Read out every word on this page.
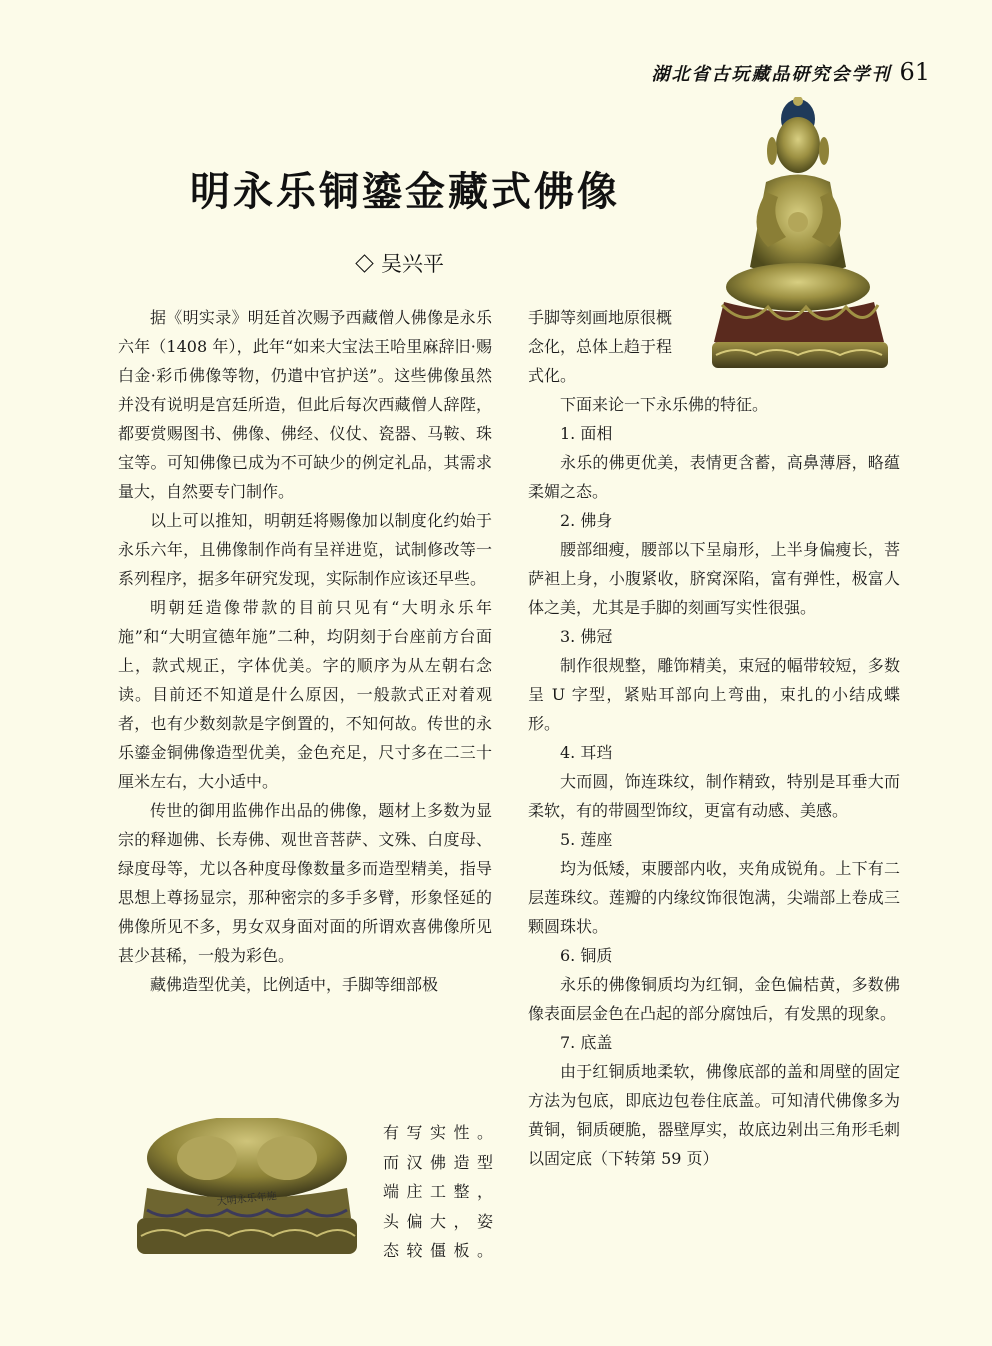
湖北省古玩藏品研究会学刊 61
明永乐铜鎏金藏式佛像
吴兴平

据《明实录》明廷首次赐予西藏僧人佛像是永乐六年（1408 年），此年“如来大宝法王哈里麻辞旧·赐白金·彩币佛像等物，仍遣中官护送”。这些佛像虽然并没有说明是宫廷所造，但此后每次西藏僧人辞陛，都要赏赐图书、佛像、佛经、仪仗、瓷器、马鞍、珠宝等。可知佛像已成为不可缺少的例定礼品，其需求量大，自然要专门制作。

以上可以推知，明朝廷将赐像加以制度化约始于永乐六年，且佛像制作尚有呈祥进览，试制修改等一系列程序，据多年研究发现，实际制作应该还早些。

明朝廷造像带款的目前只见有“大明永乐年施”和“大明宣德年施”二种，均阴刻于台座前方台面上，款式规正，字体优美。字的顺序为从左朝右念读。目前还不知道是什么原因，一般款式正对着观者，也有少数刻款是字倒置的，不知何故。传世的永乐鎏金铜佛像造型优美，金色充足，尺寸多在二三十厘米左右，大小适中。

传世的御用监佛作出品的佛像，题材上多数为显宗的释迦佛、长寿佛、观世音菩萨、文殊、白度母、绿度母等，尤以各种度母像数量多而造型精美，指导思想上尊扬显宗，那种密宗的多手多臂，形象怪延的佛像所见不多，男女双身面对面的所谓欢喜佛像所见甚少甚稀，一般为彩色。

藏佛造型优美，比例适中，手脚等细部极

大明永乐年施
有写实性。
而汉佛造型
端庄工整，
头偏大，姿
态较僵板。
手脚等刻画地原很概
念化，总体上趋于程
式化。

下面来论一下永乐佛的特征。

1. 面相

永乐的佛更优美，表情更含蓄，高鼻薄唇，略蕴柔媚之态。

2. 佛身

腰部细瘦，腰部以下呈扇形，上半身偏瘦长，菩萨袒上身，小腹紧收，脐窝深陷，富有弹性，极富人体之美，尤其是手脚的刻画写实性很强。

3. 佛冠

制作很规整，雕饰精美，束冠的幅带较短，多数呈 U 字型，紧贴耳部向上弯曲，束扎的小结成蝶形。

4. 耳珰

大而圆，饰连珠纹，制作精致，特别是耳垂大而柔软，有的带圆型饰纹，更富有动感、美感。

5. 莲座

均为低矮，束腰部内收，夹角成锐角。上下有二层莲珠纹。莲瓣的内缘纹饰很饱满，尖端部上卷成三颗圆珠状。

6. 铜质

永乐的佛像铜质均为红铜，金色偏桔黄，多数佛像表面层金色在凸起的部分腐蚀后，有发黑的现象。

7. 底盖

由于红铜质地柔软，佛像底部的盖和周壁的固定方法为包底，即底边包卷住底盖。可知清代佛像多为黄铜，铜质硬脆，器壁厚实，故底边剁出三角形毛刺以固定底（下转第 59 页）
